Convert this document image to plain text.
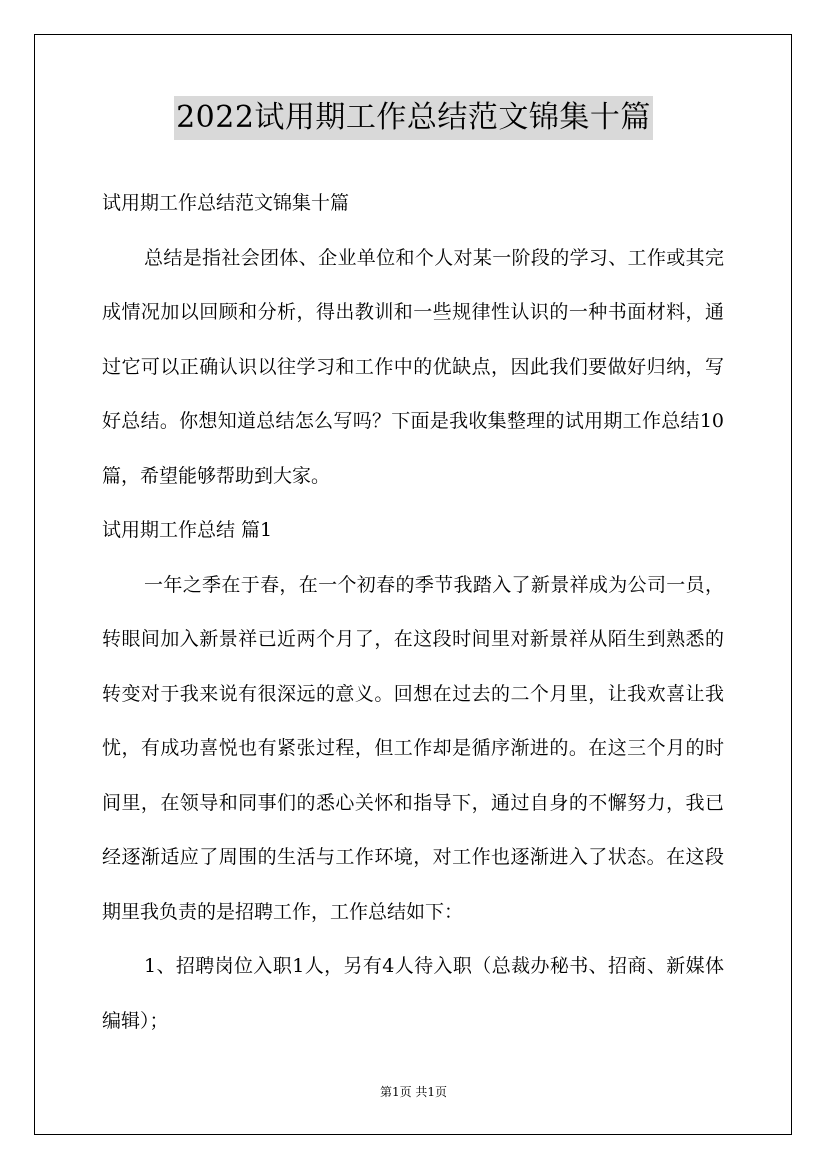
2022试用期工作总结范文锦集十篇

试用期工作总结范文锦集十篇

总结是指社会团体、企业单位和个人对某一阶段的学习、工作或其完成情况加以回顾和分析，得出教训和一些规律性认识的一种书面材料，通过它可以正确认识以往学习和工作中的优缺点，因此我们要做好归纳，写好总结。你想知道总结怎么写吗？下面是我收集整理的试用期工作总结10篇，希望能够帮助到大家。

试用期工作总结 篇1

一年之季在于春，在一个初春的季节我踏入了新景祥成为公司一员，转眼间加入新景祥已近两个月了，在这段时间里对新景祥从陌生到熟悉的转变对于我来说有很深远的意义。回想在过去的二个月里，让我欢喜让我忧，有成功喜悦也有紧张过程，但工作却是循序渐进的。在这三个月的时间里，在领导和同事们的悉心关怀和指导下，通过自身的不懈努力，我已经逐渐适应了周围的生活与工作环境，对工作也逐渐进入了状态。在这段期里我负责的是招聘工作，工作总结如下：

1、招聘岗位入职1人，另有4人待入职（总裁办秘书、招商、新媒体编辑）；

第1页 共1页
